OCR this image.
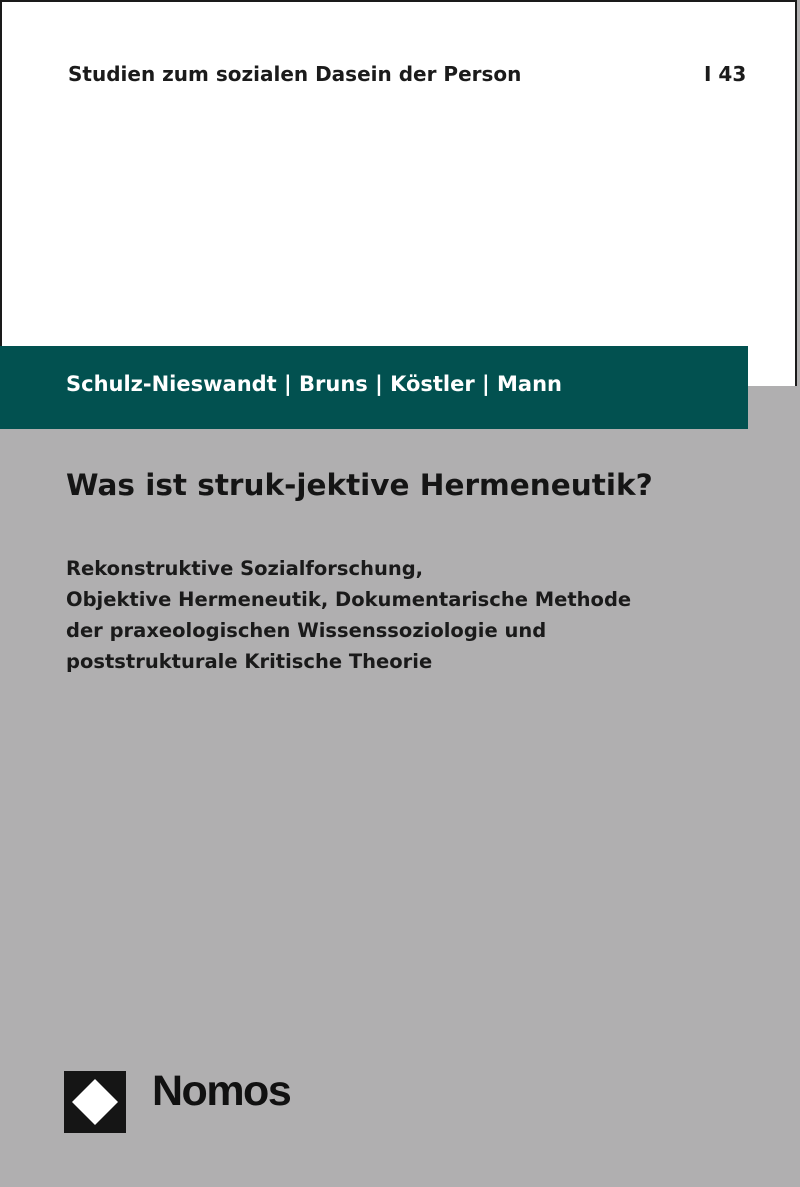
Studien zum sozialen Dasein der Person	I 43
Schulz-Nieswandt | Bruns | Köstler | Mann
Was ist struk-jektive Hermeneutik?
Rekonstruktive Sozialforschung,
Objektive Hermeneutik, Dokumentarische Methode
der praxeologischen Wissenssoziologie und
poststrukturale Kritische Theorie
Nomos
